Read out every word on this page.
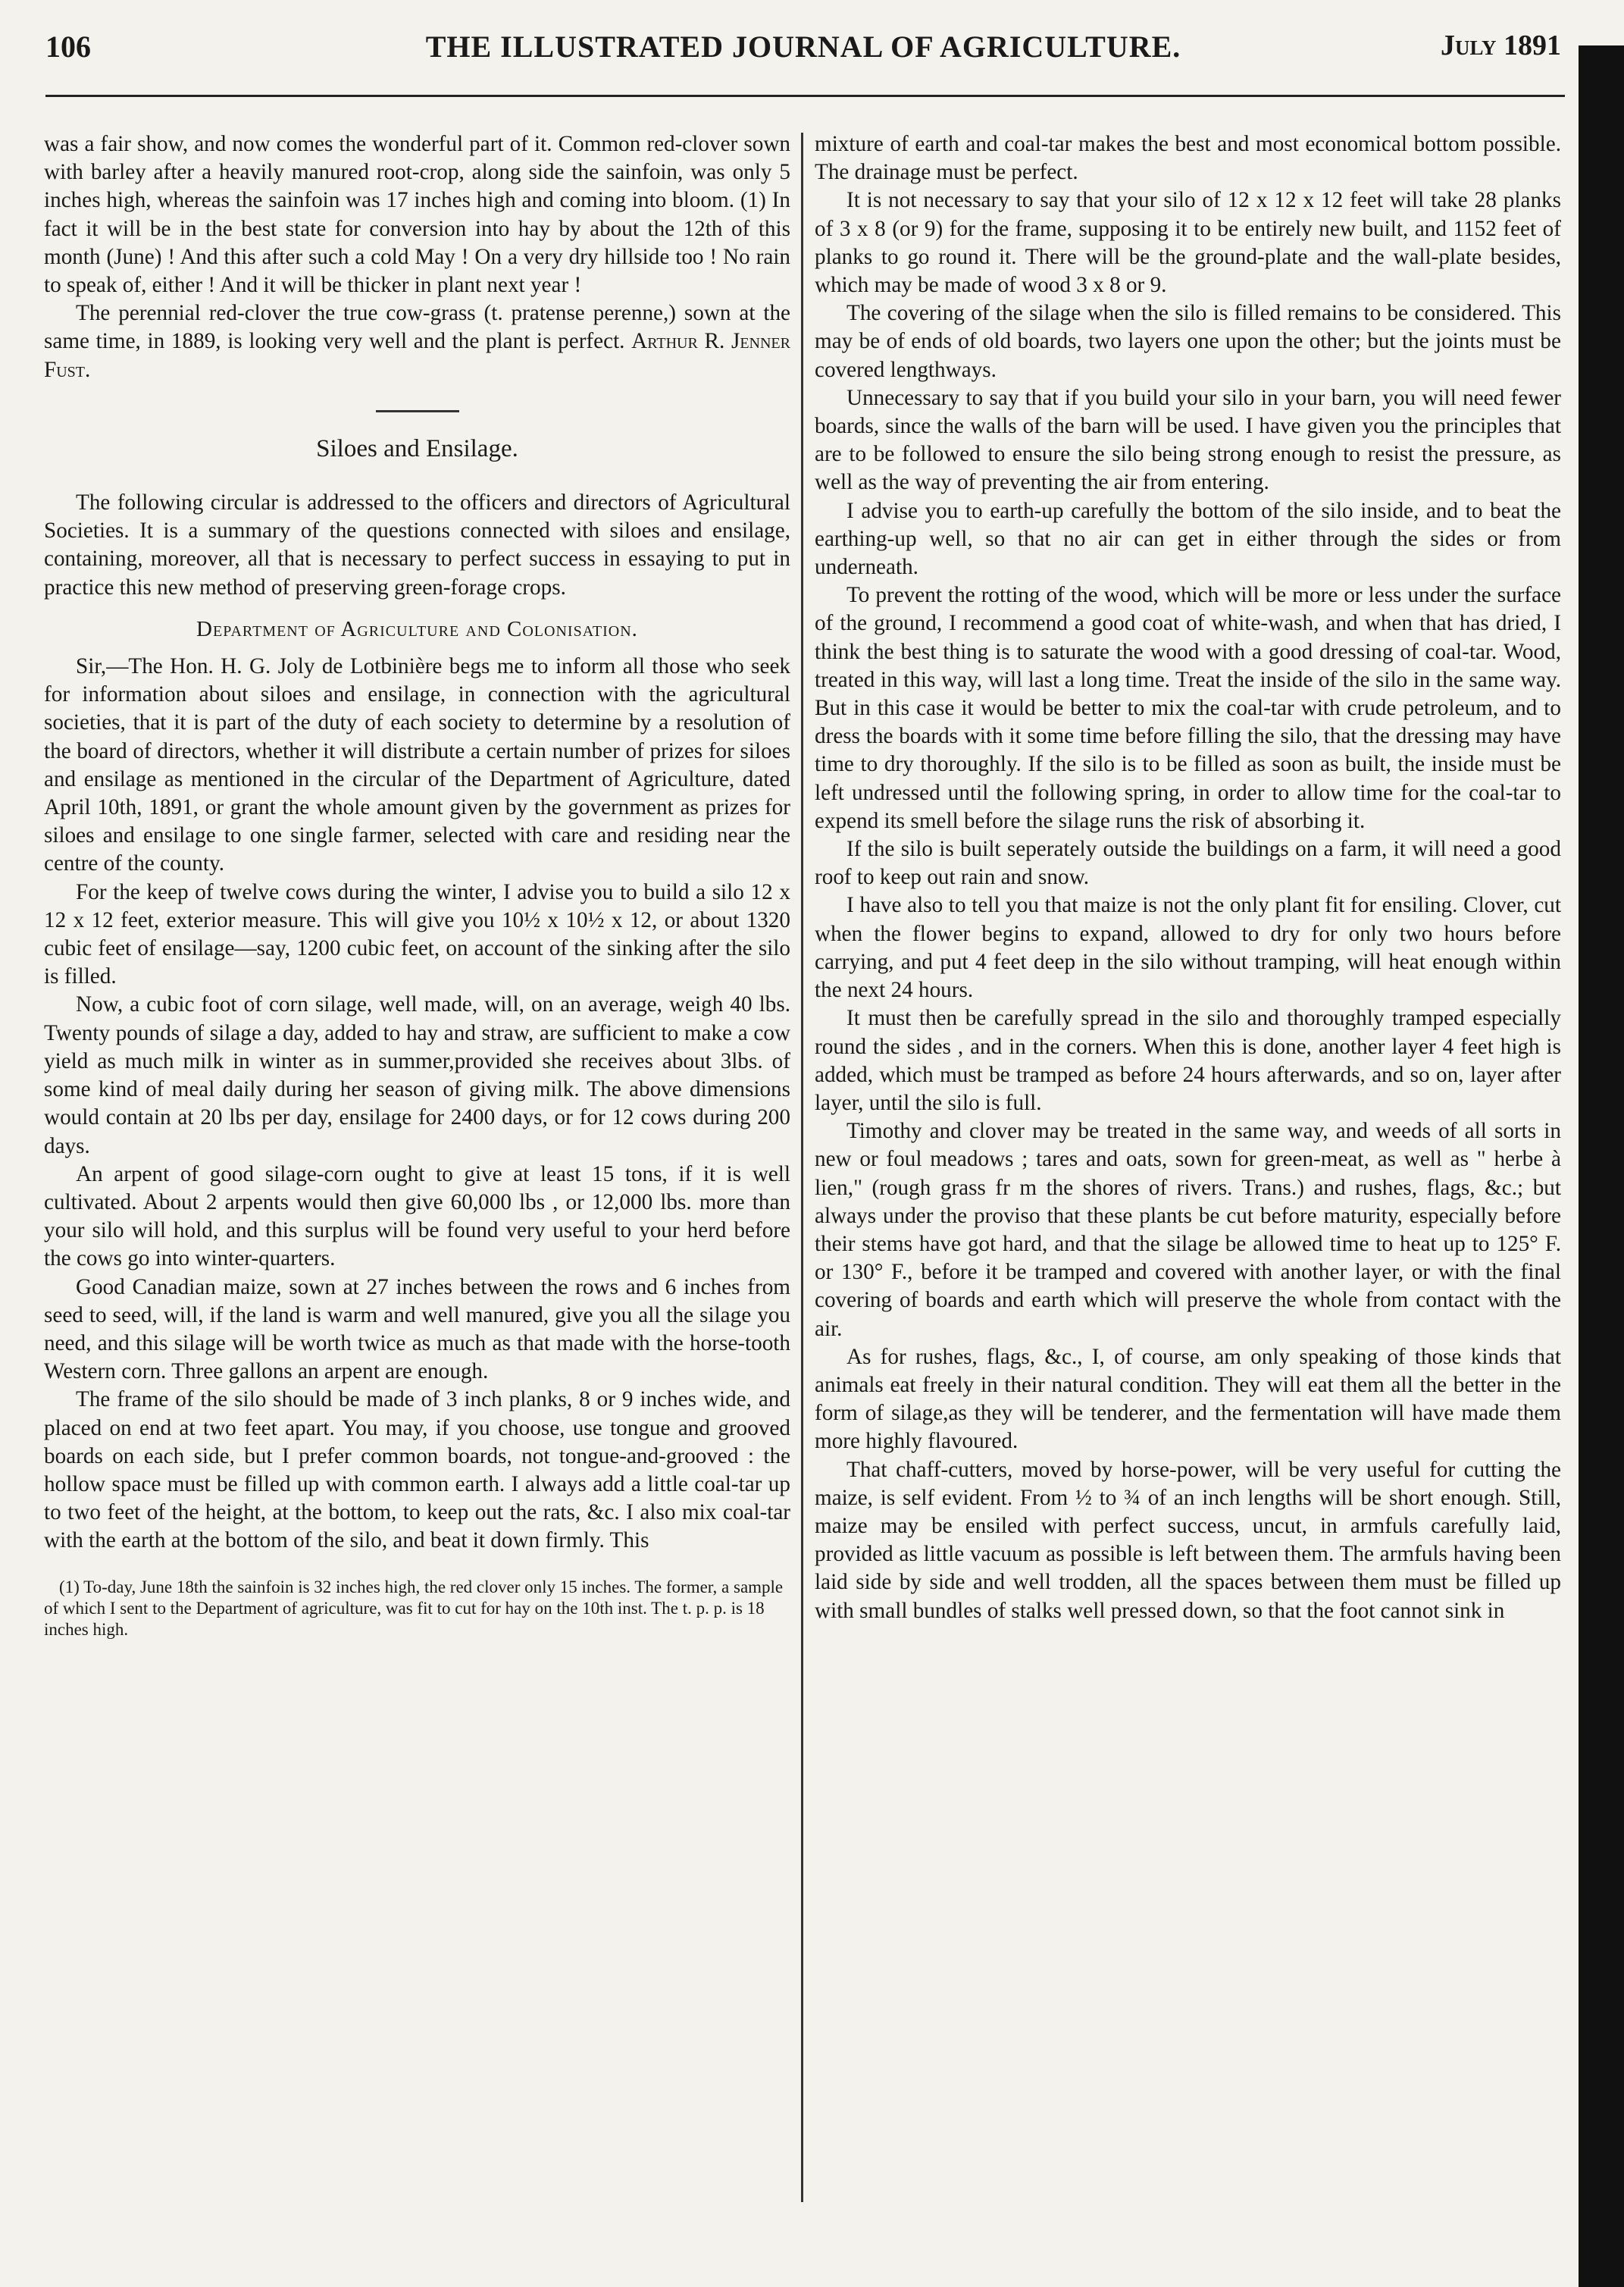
106	THE ILLUSTRATED JOURNAL OF AGRICULTURE.	July 1891

was a fair show, and now comes the wonderful part of it. Common red-clover sown with barley after a heavily manured root-crop, along side the sainfoin, was only 5 inches high, whereas the sainfoin was 17 inches high and coming into bloom. (1) In fact it will be in the best state for conversion into hay by about the 12th of this month (June) ! And this after such a cold May ! On a very dry hillside too ! No rain to speak of, either ! And it will be thicker in plant next year !

The perennial red-clover the true cow-grass (t. pratense perenne,) sown at the same time, in 1889, is looking very well and the plant is perfect. Arthur R. Jenner Fust.

Siloes and Ensilage.

The following circular is addressed to the officers and directors of Agricultural Societies. It is a summary of the questions connected with siloes and ensilage, containing, moreover, all that is necessary to perfect success in essaying to put in practice this new method of preserving green-forage crops.

Department of Agriculture and Colonisation.

Sir,—The Hon. H. G. Joly de Lotbinière begs me to inform all those who seek for information about siloes and ensilage, in connection with the agricultural societies, that it is part of the duty of each society to determine by a resolution of the board of directors, whether it will distribute a certain number of prizes for siloes and ensilage as mentioned in the circular of the Department of Agriculture, dated April 10th, 1891, or grant the whole amount given by the government as prizes for siloes and ensilage to one single farmer, selected with care and residing near the centre of the county.

For the keep of twelve cows during the winter, I advise you to build a silo 12 x 12 x 12 feet, exterior measure. This will give you 10½ x 10½ x 12, or about 1320 cubic feet of ensilage—say, 1200 cubic feet, on account of the sinking after the silo is filled.

Now, a cubic foot of corn silage, well made, will, on an average, weigh 40 lbs. Twenty pounds of silage a day, added to hay and straw, are sufficient to make a cow yield as much milk in winter as in summer,provided she receives about 3lbs. of some kind of meal daily during her season of giving milk. The above dimensions would contain at 20 lbs per day, ensilage for 2400 days, or for 12 cows during 200 days.

An arpent of good silage-corn ought to give at least 15 tons, if it is well cultivated. About 2 arpents would then give 60,000 lbs , or 12,000 lbs. more than your silo will hold, and this surplus will be found very useful to your herd before the cows go into winter-quarters.

Good Canadian maize, sown at 27 inches between the rows and 6 inches from seed to seed, will, if the land is warm and well manured, give you all the silage you need, and this silage will be worth twice as much as that made with the horse-tooth Western corn. Three gallons an arpent are enough.

The frame of the silo should be made of 3 inch planks, 8 or 9 inches wide, and placed on end at two feet apart. You may, if you choose, use tongue and grooved boards on each side, but I prefer common boards, not tongue-and-grooved : the hollow space must be filled up with common earth. I always add a little coal-tar up to two feet of the height, at the bottom, to keep out the rats, &c. I also mix coal-tar with the earth at the bottom of the silo, and beat it down firmly. This

(1) To-day, June 18th the sainfoin is 32 inches high, the red clover only 15 inches. The former, a sample of which I sent to the Department of agriculture, was fit to cut for hay on the 10th inst. The t. p. p. is 18 inches high.

mixture of earth and coal-tar makes the best and most economical bottom possible. The drainage must be perfect.

It is not necessary to say that your silo of 12 x 12 x 12 feet will take 28 planks of 3 x 8 (or 9) for the frame, supposing it to be entirely new built, and 1152 feet of planks to go round it. There will be the ground-plate and the wall-plate besides, which may be made of wood 3 x 8 or 9.

The covering of the silage when the silo is filled remains to be considered. This may be of ends of old boards, two layers one upon the other; but the joints must be covered lengthways.

Unnecessary to say that if you build your silo in your barn, you will need fewer boards, since the walls of the barn will be used. I have given you the principles that are to be followed to ensure the silo being strong enough to resist the pressure, as well as the way of preventing the air from entering.

I advise you to earth-up carefully the bottom of the silo inside, and to beat the earthing-up well, so that no air can get in either through the sides or from underneath.

To prevent the rotting of the wood, which will be more or less under the surface of the ground, I recommend a good coat of white-wash, and when that has dried, I think the best thing is to saturate the wood with a good dressing of coal-tar. Wood, treated in this way, will last a long time. Treat the inside of the silo in the same way. But in this case it would be better to mix the coal-tar with crude petroleum, and to dress the boards with it some time before filling the silo, that the dressing may have time to dry thoroughly. If the silo is to be filled as soon as built, the inside must be left undressed until the following spring, in order to allow time for the coal-tar to expend its smell before the silage runs the risk of absorbing it.

If the silo is built seperately outside the buildings on a farm, it will need a good roof to keep out rain and snow.

I have also to tell you that maize is not the only plant fit for ensiling. Clover, cut when the flower begins to expand, allowed to dry for only two hours before carrying, and put 4 feet deep in the silo without tramping, will heat enough within the next 24 hours.

It must then be carefully spread in the silo and thoroughly tramped especially round the sides , and in the corners. When this is done, another layer 4 feet high is added, which must be tramped as before 24 hours afterwards, and so on, layer after layer, until the silo is full.

Timothy and clover may be treated in the same way, and weeds of all sorts in new or foul meadows ; tares and oats, sown for green-meat, as well as " herbe à lien," (rough grass fr m the shores of rivers. Trans.) and rushes, flags, &c.; but always under the proviso that these plants be cut before maturity, especially before their stems have got hard, and that the silage be allowed time to heat up to 125° F. or 130° F., before it be tramped and covered with another layer, or with the final covering of boards and earth which will preserve the whole from contact with the air.

As for rushes, flags, &c., I, of course, am only speaking of those kinds that animals eat freely in their natural condition. They will eat them all the better in the form of silage,as they will be tenderer, and the fermentation will have made them more highly flavoured.

That chaff-cutters, moved by horse-power, will be very useful for cutting the maize, is self evident. From ½ to ¾ of an inch lengths will be short enough. Still, maize may be ensiled with perfect success, uncut, in armfuls carefully laid, provided as little vacuum as possible is left between them. The armfuls having been laid side by side and well trodden, all the spaces between them must be filled up with small bundles of stalks well pressed down, so that the foot cannot sink in
